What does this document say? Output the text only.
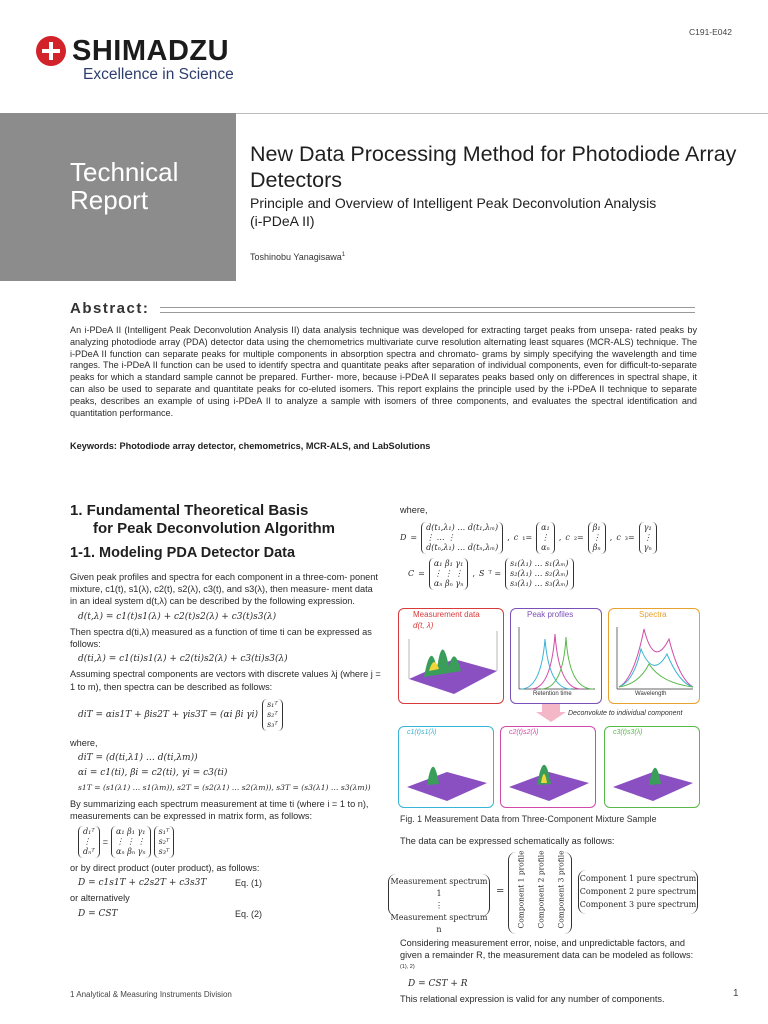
C191-E042
SHIMADZU
Excellence in Science
Technical
Report
New Data Processing Method for Photodiode Array Detectors
Principle and Overview of Intelligent Peak Deconvolution Analysis (i-PDeA II)
Toshinobu Yanagisawa$^1$
Abstract:
An i-PDeA II (Intelligent Peak Deconvolution Analysis II) data analysis technique was developed for extracting target peaks from unsepa- rated peaks by analyzing photodiode array (PDA) detector data using the chemometrics multivariate curve resolution alternating least squares (MCR-ALS) technique. The i-PDeA II function can separate peaks for multiple components in absorption spectra and chromato- grams by simply specifying the wavelength and time ranges. The i-PDeA II function can be used to identify spectra and quantitate peaks after separation of individual components, even for difficult-to-separate peaks for which a standard sample cannot be prepared. Further- more, because i-PDeA II separates peaks based only on differences in spectral shape, it can also be used to separate and quantitate peaks for co-eluted isomers. This report explains the principle used by the i-PDeA II technique to separate peaks, describes an example of using i-PDeA II to analyze a sample with isomers of three components, and evaluates the spectral identification and quantitation performance.
Keywords: Photodiode array detector, chemometrics, MCR-ALS, and LabSolutions
1. Fundamental Theoretical Basis
for Peak Deconvolution Algorithm
1-1. Modeling PDA Detector Data

Given peak profiles and spectra for each component in a three-com- ponent mixture, c1(t), s1(λ), c2(t), s2(λ), c3(t), and s3(λ), then measure- ment data in an ideal system d(t,λ) can be described by the following expression.

d(t,λ) = c1(t)s1(λ) + c2(t)s2(λ) + c3(t)s3(λ)

Then spectra d(ti,λ) measured as a function of time ti can be expressed as follows:

d(ti,λ) = c1(ti)s1(λ) + c2(ti)s2(λ) + c3(ti)s3(λ)

Assuming spectral components are vectors with discrete values λj (where j = 1 to m), then spectra can be described as follows:

diT = αis1T + βis2T + γis3T = (αi βi γi)
s₁ᵀ
s₂ᵀ
s₃ᵀ

where,

diT = (d(ti,λ1) … d(ti,λm))
αi = c1(ti), βi = c2(ti), γi = c3(ti)
s1T = (s1(λ1) … s1(λm)), s2T = (s2(λ1) … s2(λm)), s3T = (s3(λ1) … s3(λm))

By summarizing each spectrum measurement at time ti (where i = 1 to n), measurements can be expressed in matrix form, as follows:

d₁ᵀ
⋮
dₙᵀ
=
α₁ β₁ γ₁
⋮ ⋮ ⋮
αₙ βₙ γₙ
s₁ᵀ
s₂ᵀ
s₃ᵀ

or by direct product (outer product), as follows:

D = c1s1T + c2s2T + c3s3T	Eq. (1)

or alternatively

D = CST	Eq. (2)
where,
D =
d(t₁,λ₁) … d(t₁,λₘ)
⋮ … ⋮
d(tₙ,λ₁) … d(tₙ,λₘ)
, c ₁=
α₁
⋮
αₙ
, c ₂=
β₁
⋮
βₙ
, c ₃=
γ₁
⋮
γₙ
C =
α₁ β₁ γ₁
⋮ ⋮ ⋮
αₙ βₙ γₙ
, S ᵀ =
s₁(λ₁) … s₁(λₘ)
s₂(λ₁) … s₂(λₘ)
s₃(λ₁) … s₃(λₘ)
Measurement data
d(t, λ)
Peak profiles
Retention time
Spectra
Wavelength
Deconvolute to individual component
c1(t)s1(λ)	c2(t)s2(λ)	c3(t)s3(λ)
Fig. 1 Measurement Data from Three-Component Mixture Sample
The data can be expressed schematically as follows:
Measurement spectrum 1
⋮
Measurement spectrum n
= Component 1 profile Component 2 profile Component 3 profile Component 1 pure spectrum
Component 2 pure spectrum
Component 3 pure spectrum
Considering measurement error, noise, and unpredictable factors, and given a remainder R, the measurement data can be modeled as follows:$^{(1), 2)}$
D = CST + R
This relational expression is valid for any number of components.
1 Analytical & Measuring Instruments Division	1
